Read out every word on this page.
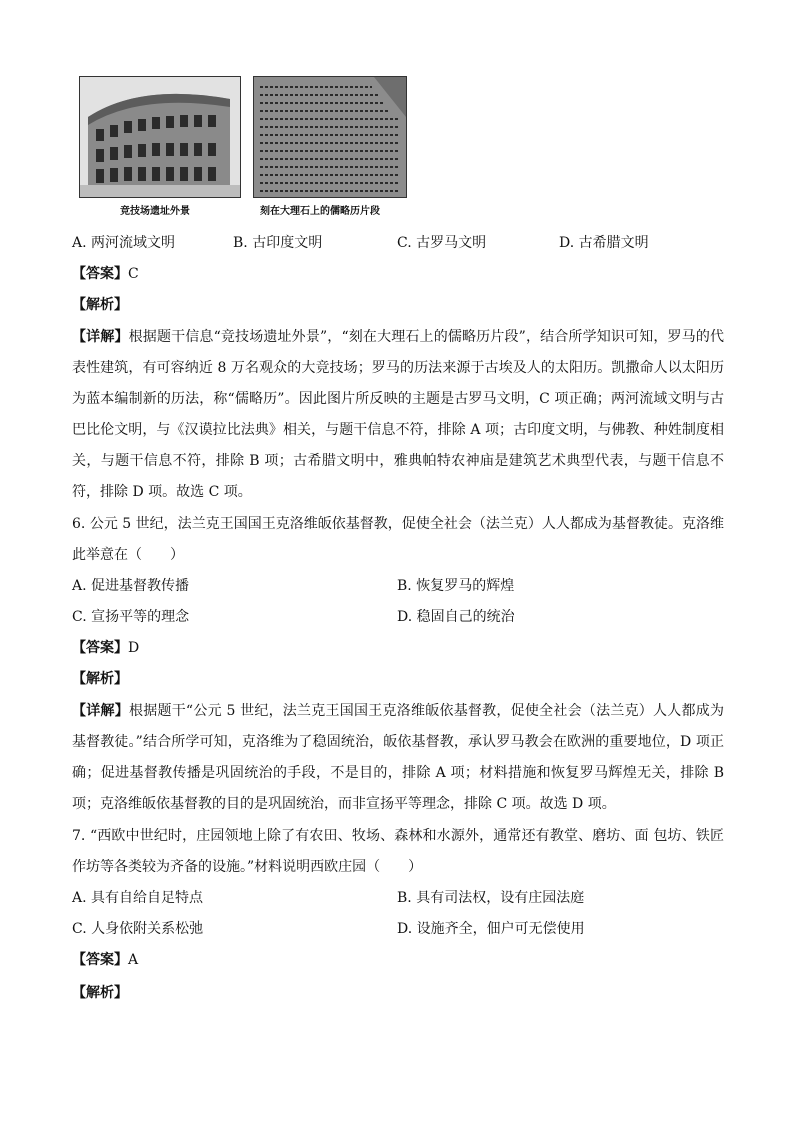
竞技场遗址外景	刻在大理石上的儒略历片段
A. 两河流域文明	B. 古印度文明	C. 古罗马文明	D. 古希腊文明
【答案】C
【解析】
【详解】根据题干信息“竞技场遗址外景”，“刻在大理石上的儒略历片段”，结合所学知识可知，罗马的代表性建筑，有可容纳近 8 万名观众的大竞技场；罗马的历法来源于古埃及人的太阳历。凯撒命人以太阳历为蓝本编制新的历法，称“儒略历”。因此图片所反映的主题是古罗马文明，C 项正确；两河流域文明与古巴比伦文明，与《汉谟拉比法典》相关，与题干信息不符，排除 A 项；古印度文明，与佛教、种姓制度相关，与题干信息不符，排除 B 项；古希腊文明中，雅典帕特农神庙是建筑艺术典型代表，与题干信息不符，排除 D 项。故选 C 项。
6. 公元 5 世纪，法兰克王国国王克洛维皈依基督教，促使全社会（法兰克）人人都成为基督教徒。克洛维此举意在（　　）
A. 促进基督教传播	B. 恢复罗马的辉煌
C. 宣扬平等的理念	D. 稳固自己的统治
【答案】D
【解析】
【详解】根据题干“公元 5 世纪，法兰克王国国王克洛维皈依基督教，促使全社会（法兰克）人人都成为基督教徒。”结合所学可知，克洛维为了稳固统治，皈依基督教，承认罗马教会在欧洲的重要地位，D 项正确；促进基督教传播是巩固统治的手段，不是目的，排除 A 项；材料措施和恢复罗马辉煌无关，排除 B 项；克洛维皈依基督教的目的是巩固统治，而非宣扬平等理念，排除 C 项。故选 D 项。
7. “西欧中世纪时，庄园领地上除了有农田、牧场、森林和水源外，通常还有教堂、磨坊、面 包坊、铁匠作坊等各类较为齐备的设施。”材料说明西欧庄园（　　）
A. 具有自给自足特点	B. 具有司法权，设有庄园法庭
C. 人身依附关系松弛	D. 设施齐全，佃户可无偿使用
【答案】A
【解析】
